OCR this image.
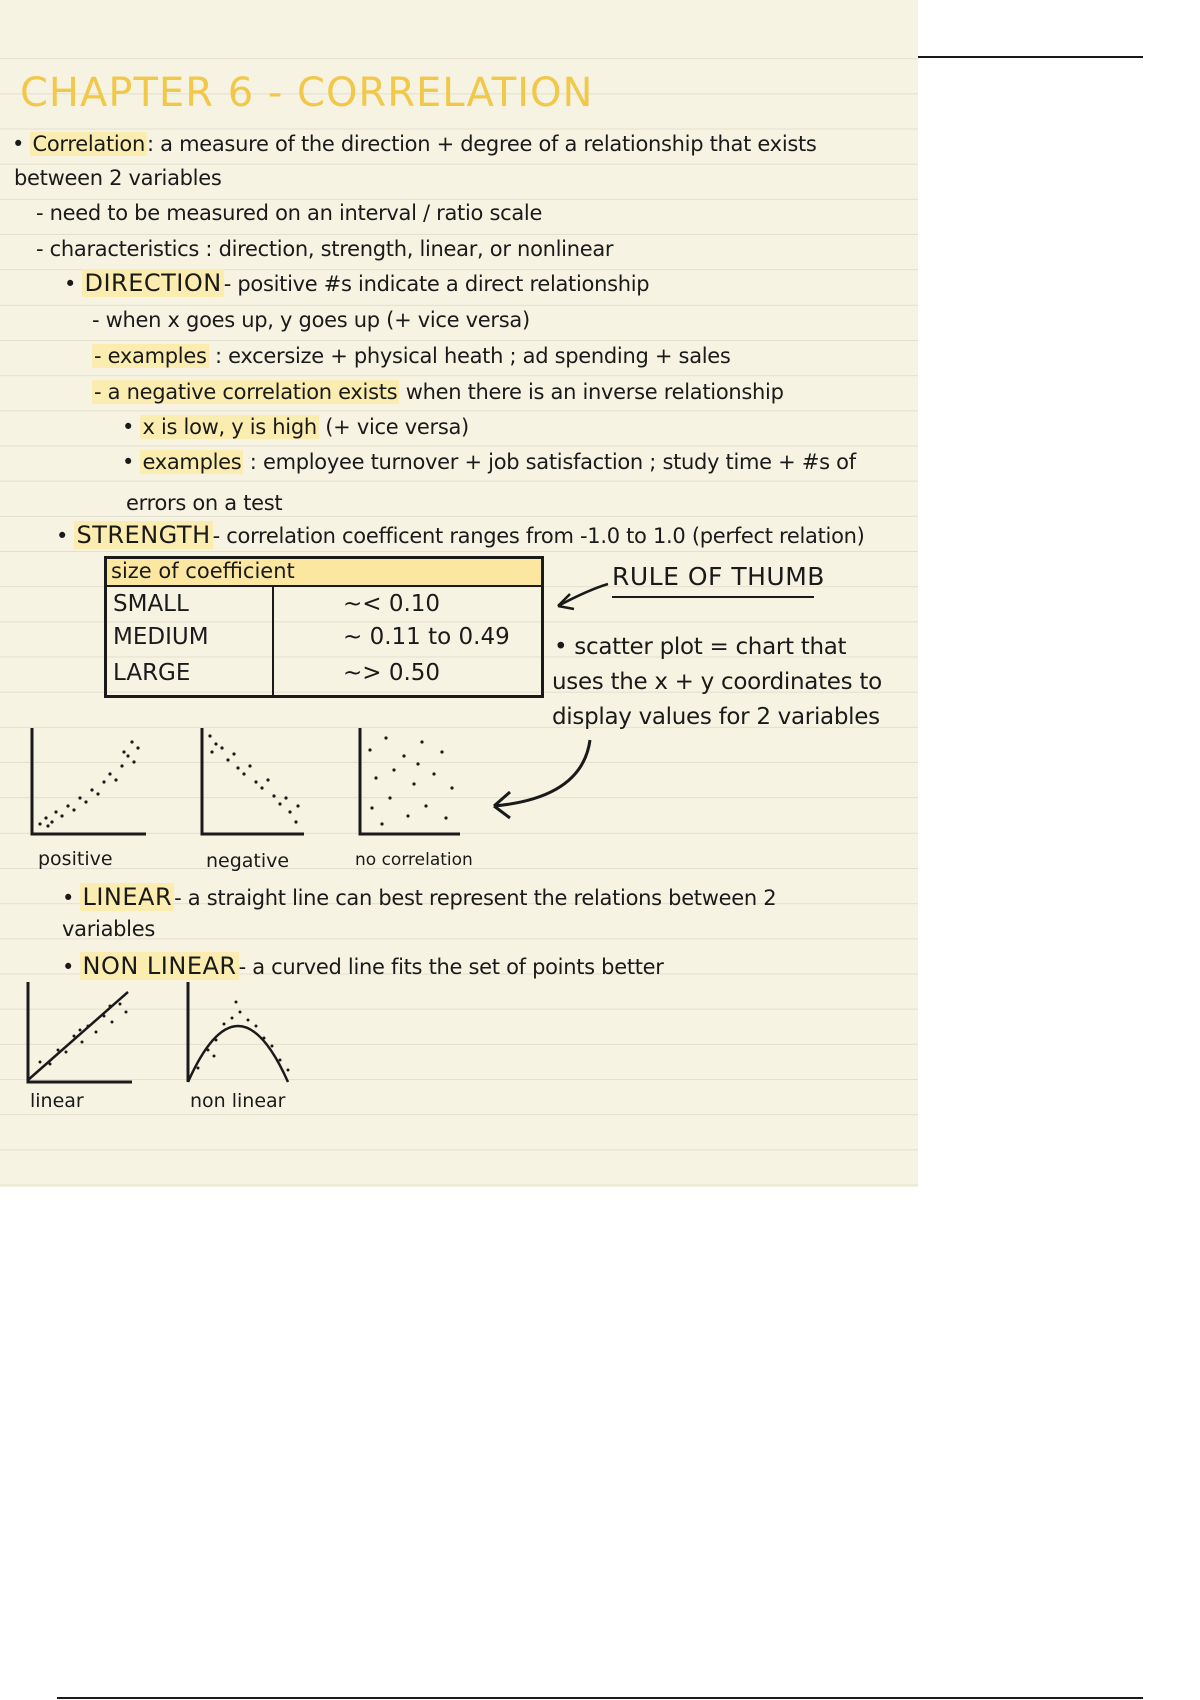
CHAPTER 6 - CORRELATION
• Correlation: a measure of the direction + degree of a relationship that exists
between 2 variables
- need to be measured on an interval / ratio scale
- characteristics : direction, strength, linear, or nonlinear
• DIRECTION- positive #s indicate a direct relationship
- when x goes up, y goes up (+ vice versa)
- examples : excersize + physical heath ; ad spending + sales
- a negative correlation exists when there is an inverse relationship
• x is low, y is high (+ vice versa)
• examples : employee turnover + job satisfaction ; study time + #s of
errors on a test
• STRENGTH- correlation coefficent ranges from -1.0 to 1.0 (perfect relation)
size of coefficient
SMALL	~< 0.10
MEDIUM	~ 0.11 to 0.49
LARGE	~> 0.50
RULE OF THUMB
• scatter plot = chart that
uses the x + y coordinates to
display values for 2 variables
positive	negative	no correlation
• LINEAR- a straight line can best represent the relations between 2
variables
• NON LINEAR- a curved line fits the set of points better
linear	non linear
